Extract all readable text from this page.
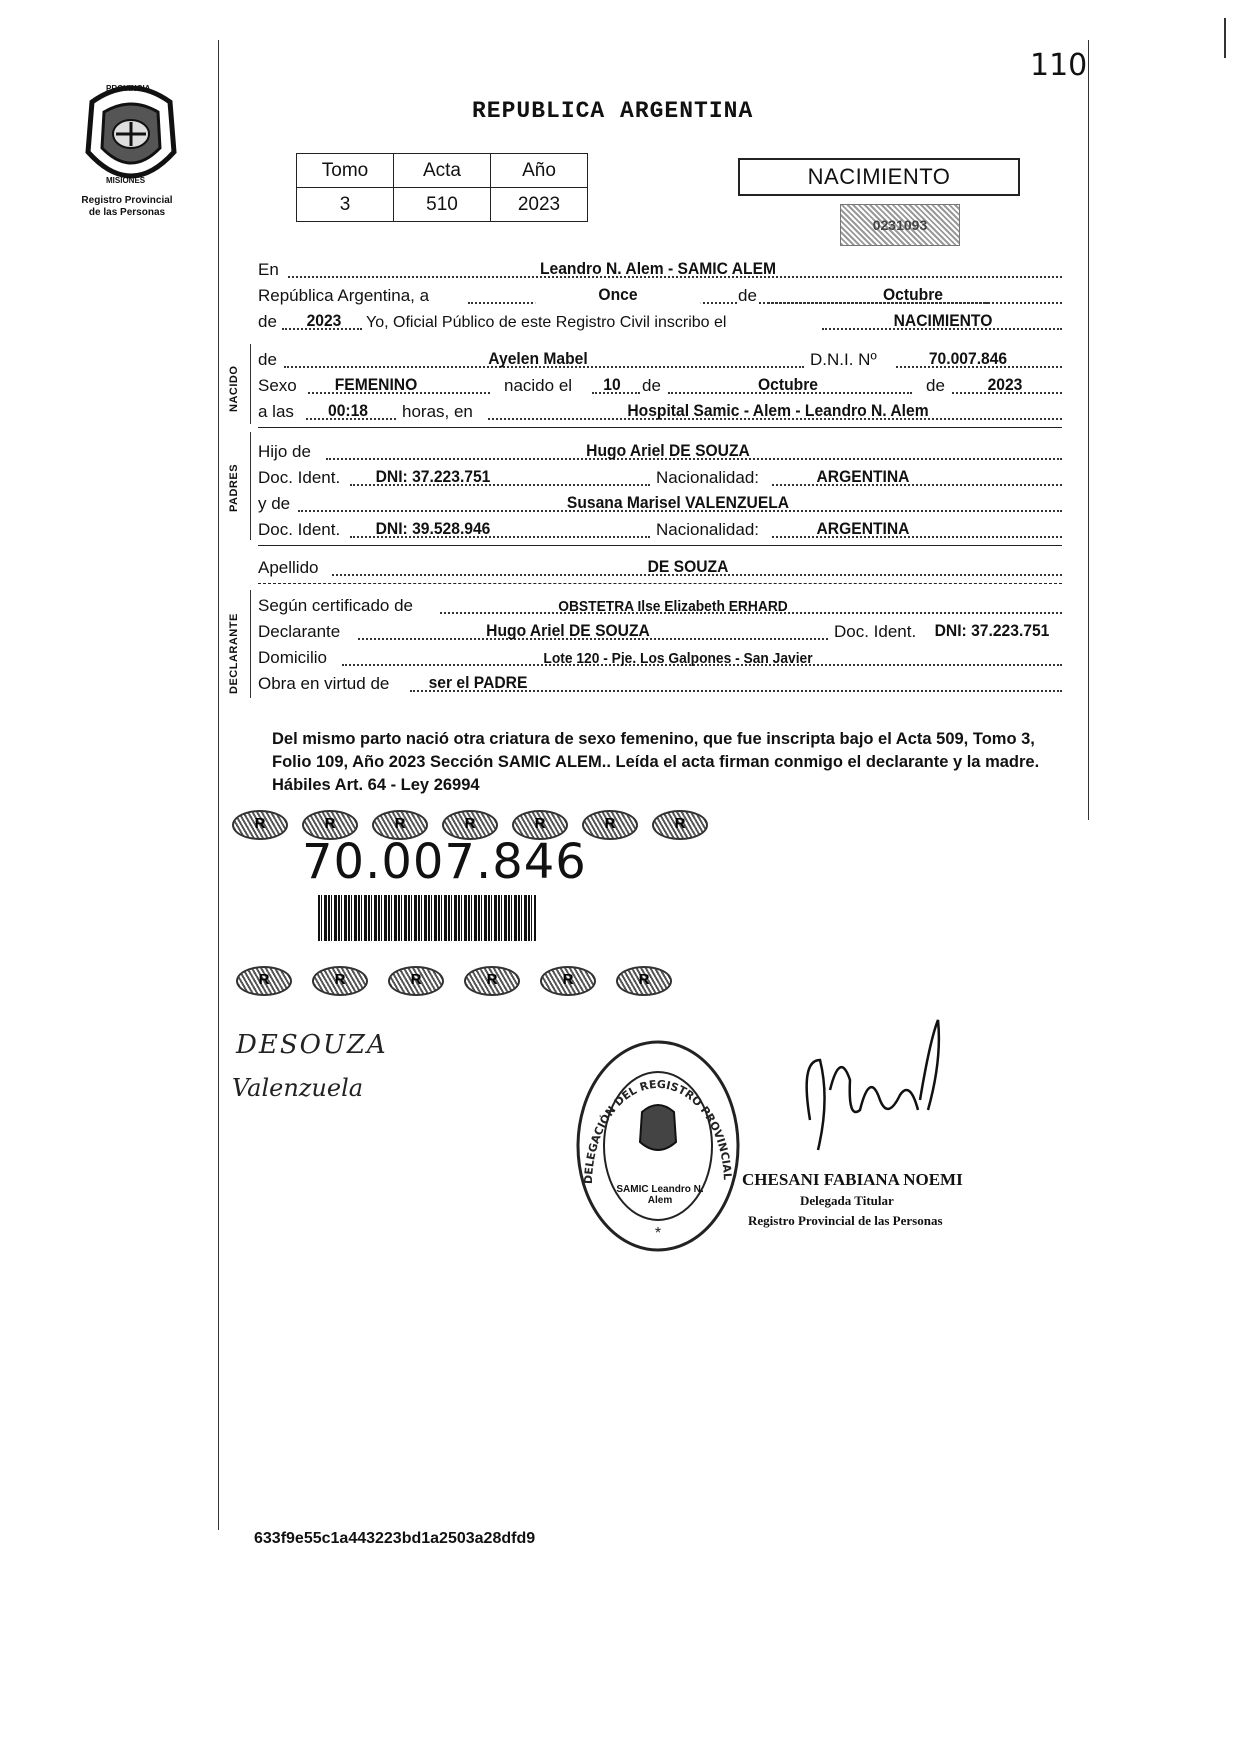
110
PROVINCIA
MISIONES
Registro Provincial
de las Personas
REPUBLICA ARGENTINA
Tomo	Acta	Año
3	510	2023
NACIMIENTO
0231093
En	Leandro N. Alem - SAMIC ALEM
República Argentina, a	Once	de	Octubre
de	2023	Yo, Oficial Público de este Registro Civil inscribo el	NACIMIENTO
NACIDO
de	Ayelen Mabel	D.N.I. Nº	70.007.846
Sexo	FEMENINO	nacido el	10	de	Octubre	de	2023
a las	00:18	horas, en	Hospital Samic - Alem - Leandro N. Alem
PADRES
Hijo de	Hugo Ariel DE SOUZA
Doc. Ident.	DNI: 37.223.751	Nacionalidad:	ARGENTINA
y de	Susana Marisel VALENZUELA
Doc. Ident.	DNI: 39.528.946	Nacionalidad:	ARGENTINA
Apellido	DE SOUZA
DECLARANTE
Según certificado de	OBSTETRA Ilse Elizabeth ERHARD
Declarante	Hugo Ariel DE SOUZA	Doc. Ident.	DNI: 37.223.751
Domicilio	Lote 120 - Pje. Los Galpones - San Javier
Obra en virtud de	ser el PADRE
Del mismo parto nació otra criatura de sexo femenino, que fue inscripta bajo el Acta 509, Tomo 3, Folio 109, Año 2023 Sección SAMIC ALEM.. Leída el acta firman conmigo el declarante y la madre. Hábiles Art. 64 - Ley 26994
R	R	R	R	R	R	R
70.007.846
R	R	R	R	R	R
DESOUZA
Valenzuela
DELEGACIÓN DEL REGISTRO PROVINCIAL
*
SAMIC Leandro N. Alem
CHESANI FABIANA NOEMI
Delegada Titular
Registro Provincial de las Personas
633f9e55c1a443223bd1a2503a28dfd9
